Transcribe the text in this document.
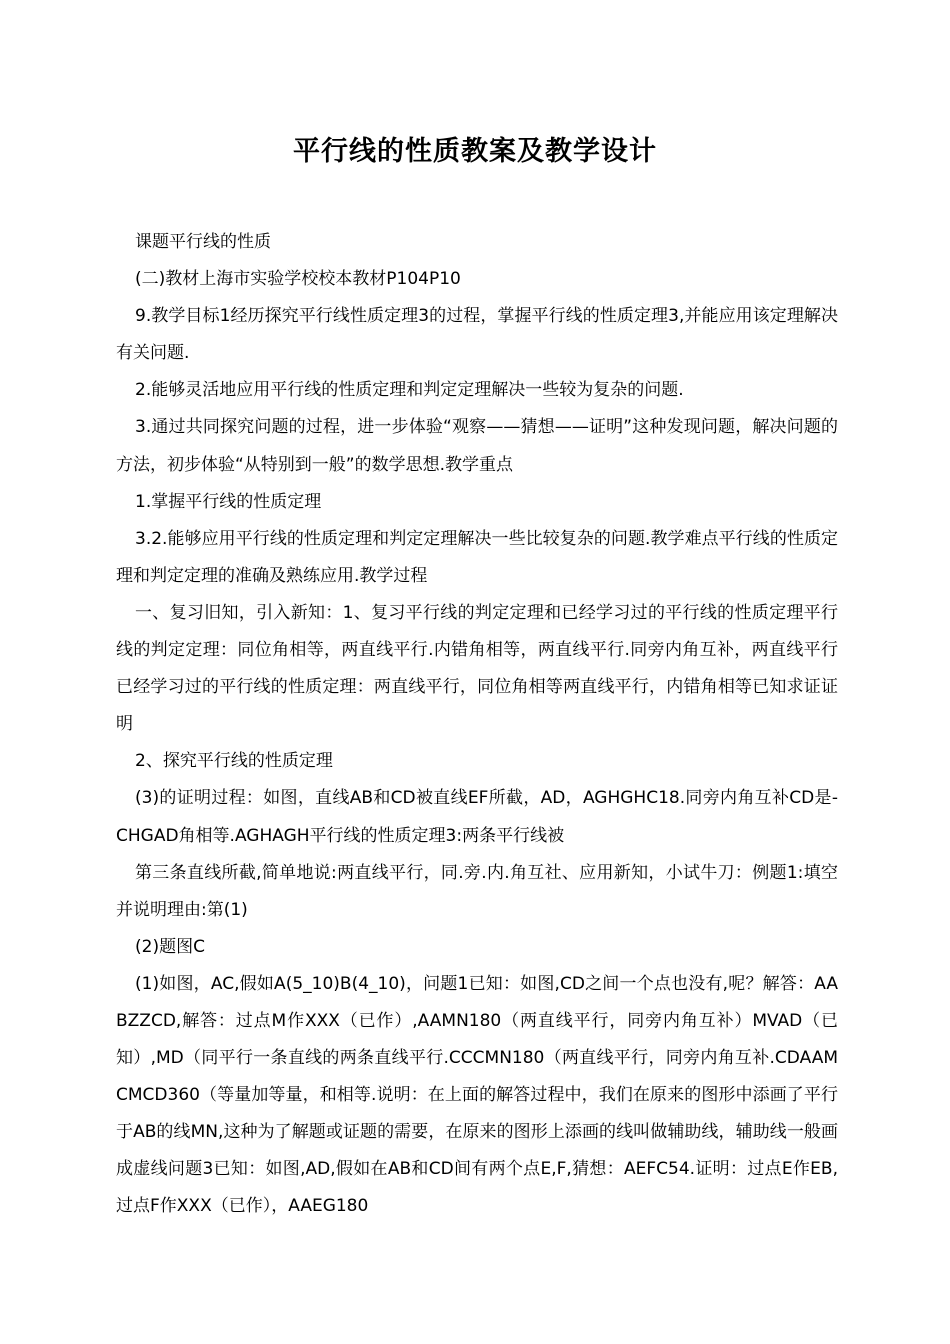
平行线的性质教案及教学设计

课题平行线的性质

(二)教材上海市实验学校校本教材P104P10

9.教学目标1经历探究平行线性质定理3的过程，掌握平行线的性质定理3,并能应用该定理解决有关问题.

2.能够灵活地应用平行线的性质定理和判定定理解决一些较为复杂的问题.

3.通过共同探究问题的过程，进一步体验“观察——猜想——证明”这种发现问题，解决问题的方法，初步体验“从特别到一般”的数学思想.教学重点

1.掌握平行线的性质定理

3.2.能够应用平行线的性质定理和判定定理解决一些比较复杂的问题.教学难点平行线的性质定理和判定定理的准确及熟练应用.教学过程

一、复习旧知，引入新知：1、复习平行线的判定定理和已经学习过的平行线的性质定理平行线的判定定理：同位角相等，两直线平行.内错角相等，两直线平行.同旁内角互补，两直线平行已经学习过的平行线的性质定理：两直线平行，同位角相等两直线平行，内错角相等已知求证证明

2、探究平行线的性质定理

(3)的证明过程：如图，直线AB和CD被直线EF所截，AD，AGHGHC18.同旁内角互补CD是-CHGAD角相等.AGHAGH平行线的性质定理3:两条平行线被

第三条直线所截,简单地说:两直线平行，同.旁.内.角互社、应用新知，小试牛刀：例题1:填空并说明理由:第(1)

(2)题图C

(1)如图，AC,假如A(5_10)B(4_10)，问题1已知：如图,CD之间一个点也没有,呢？解答：AABZZCD,解答：过点M作XXX（已作）,AAMN180（两直线平行，同旁内角互补）MVAD（已知）,MD（同平行一条直线的两条直线平行.CCCMN180（两直线平行，同旁内角互补.CDAAMCMCD360（等量加等量，和相等.说明：在上面的解答过程中，我们在原来的图形中添画了平行于AB的线MN,这种为了解题或证题的需要，在原来的图形上添画的线叫做辅助线，辅助线一般画成虚线问题3已知：如图,AD,假如在AB和CD间有两个点E,F,猜想：AEFC54.证明：过点E作EB,过点F作XXX（已作），AAEG180
